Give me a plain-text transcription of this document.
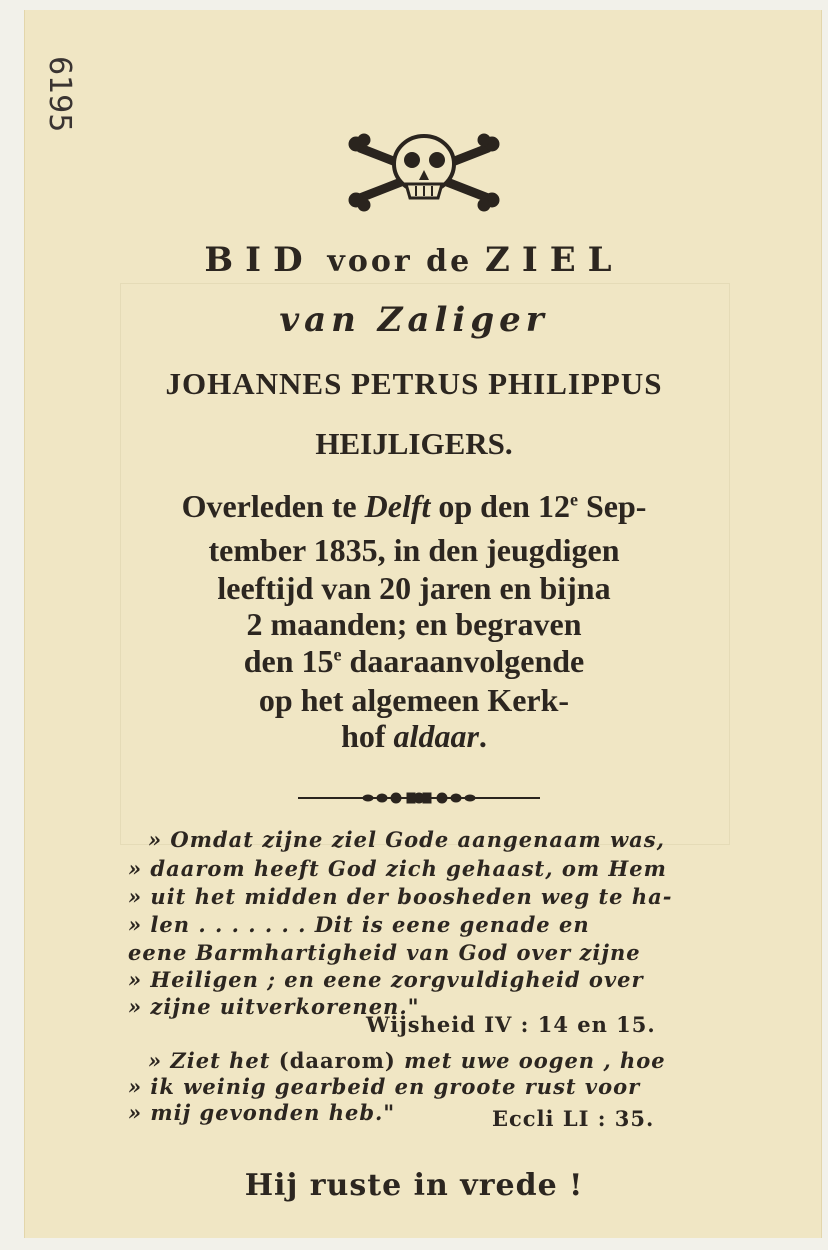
6195
BID voor de ZIEL
van Zaliger
JOHANNES PETRUS PHILIPPUS
HEIJLIGERS.
Overleden te Delft op den 12e Sep-
tember 1835, in den jeugdigen
leeftijd van 20 jaren en bijna
2 maanden; en begraven
den 15e daaraanvolgende
op het algemeen Kerk-
hof aldaar.
» Omdat zijne ziel Gode aangenaam was,
» daarom heeft God zich gehaast, om Hem
» uit het midden der boosheden weg te ha-
» len . . . . . . . Dit is eene genade en
eene Barmhartigheid van God over zijne
» Heiligen ; en eene zorgvuldigheid over
» zijne uitverkorenen."
Wijsheid IV : 14 en 15.
» Ziet het (daarom) met uwe oogen , hoe
» ik weinig gearbeid en groote rust voor
» mij gevonden heb."	Eccli LI : 35.
Hij ruste in vrede !
